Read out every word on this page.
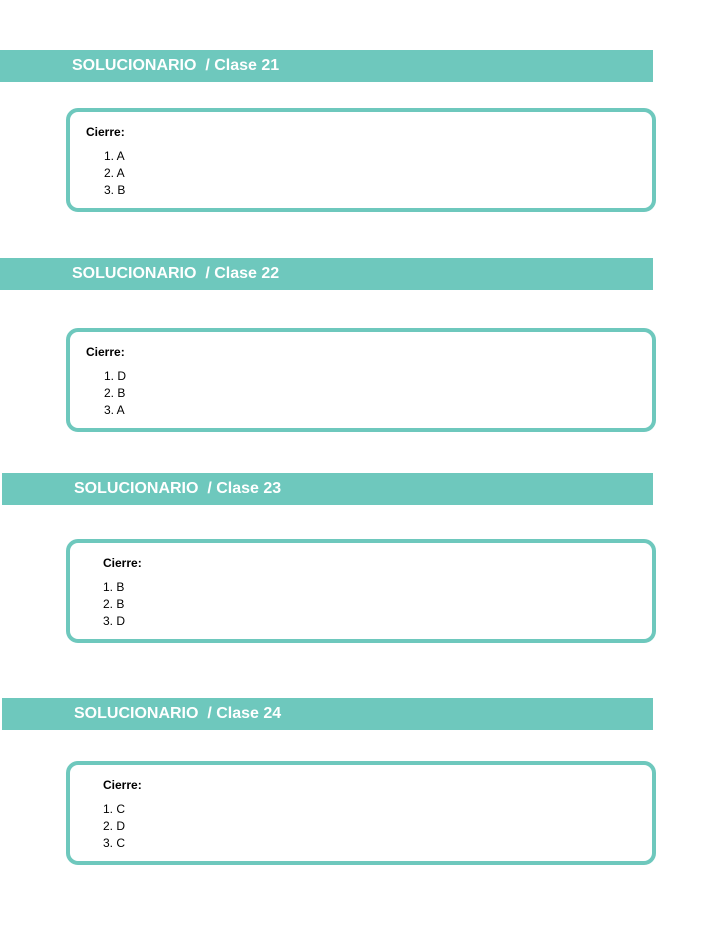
SOLUCIONARIO  / Clase 21
Cierre:
1. A
2. A
3. B
SOLUCIONARIO  / Clase 22
Cierre:
1. D
2. B
3. A
SOLUCIONARIO  / Clase 23
Cierre:
1. B
2. B
3. D
SOLUCIONARIO  / Clase 24
Cierre:
1. C
2. D
3. C
